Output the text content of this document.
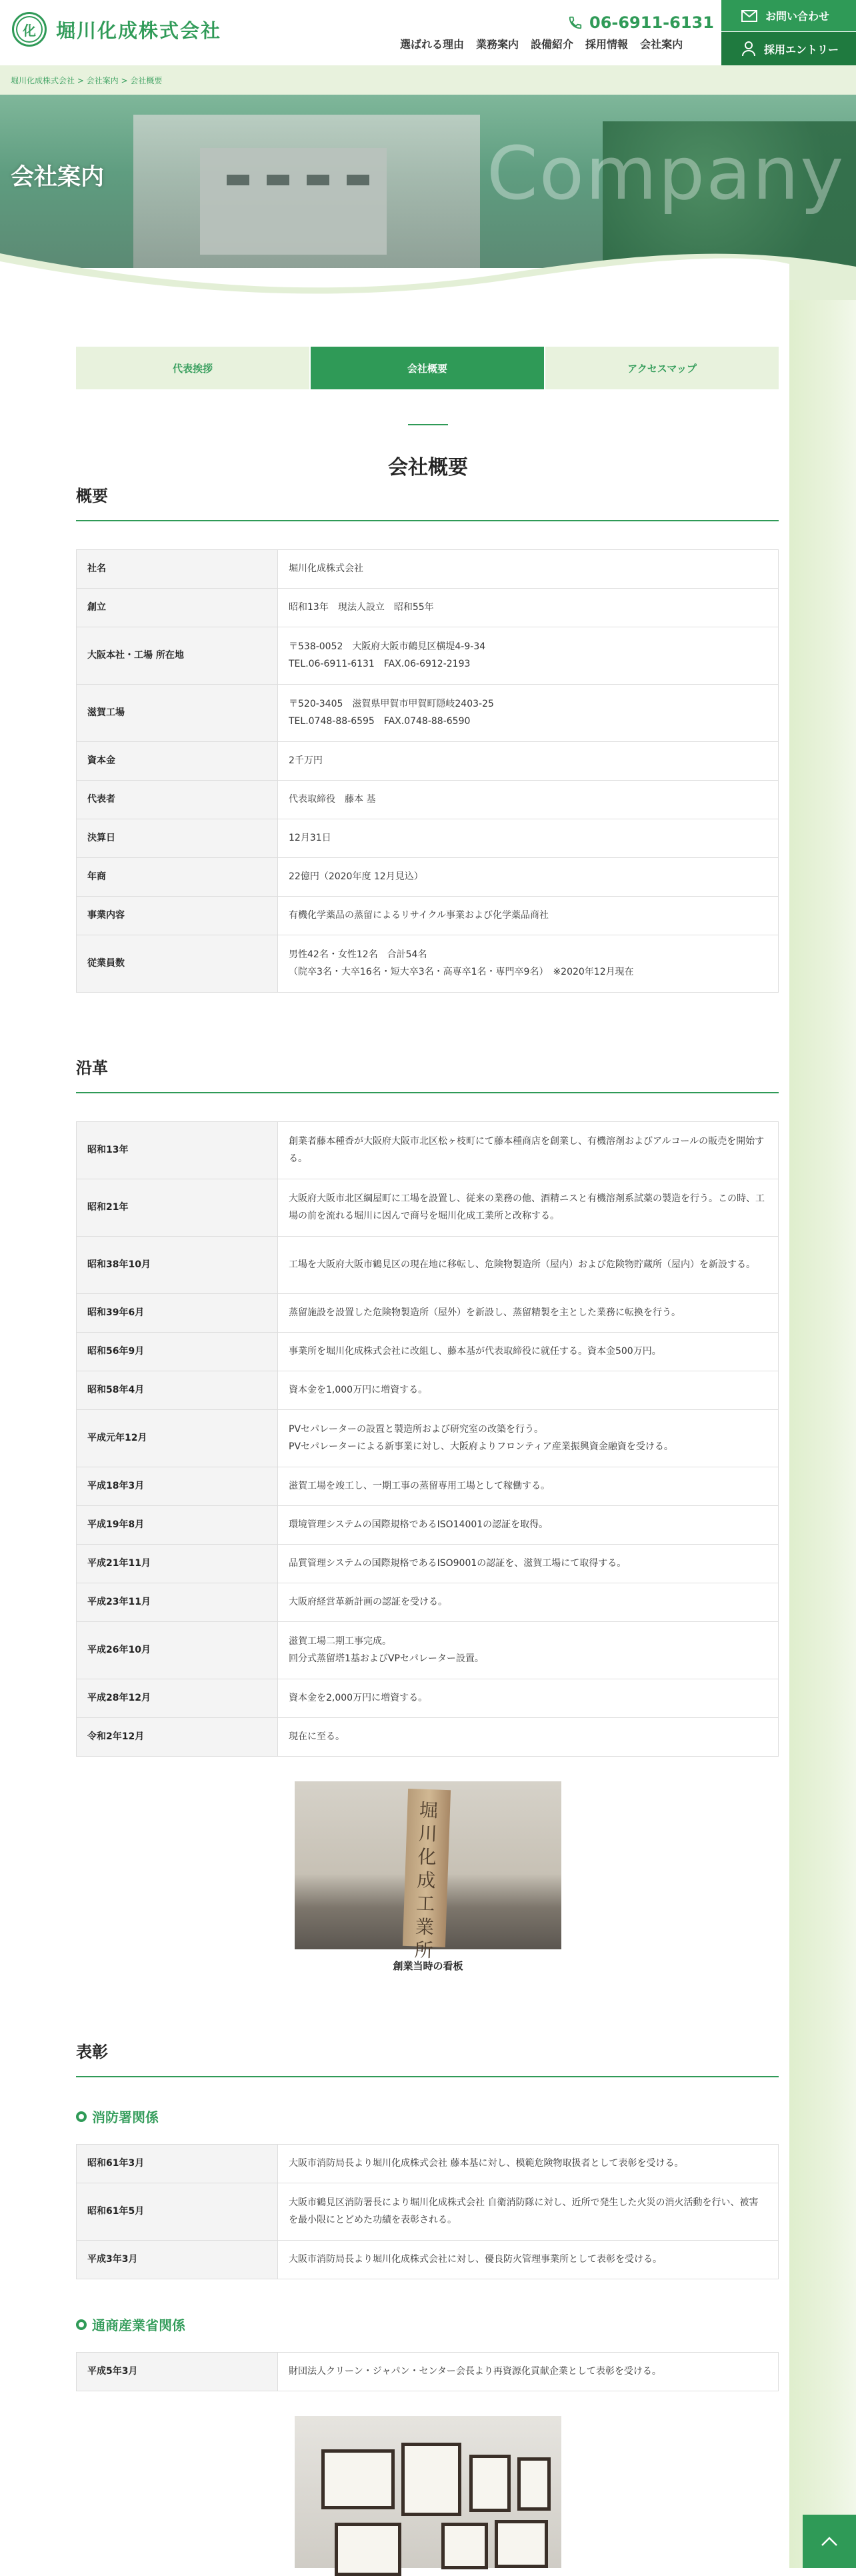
化	堀川化成株式会社	06-6911-6131
選ばれる理由 業務案内 設備紹介 採用情報 会社案内
お問い合わせ
採用エントリー
堀川化成株式会社 > 会社案内 > 会社概要
Company
会社案内
代表挨拶	会社概要	アクセスマップ
会社概要
概要
社名	堀川化成株式会社
創立	昭和13年　現法人設立　昭和55年
大阪本社・工場 所在地	〒538-0052　大阪府大阪市鶴見区横堤4-9-34
TEL.06-6911-6131　FAX.06-6912-2193
滋賀工場	〒520-3405　滋賀県甲賀市甲賀町隠岐2403-25
TEL.0748-88-6595　FAX.0748-88-6590
資本金	2千万円
代表者	代表取締役　藤本 基
決算日	12月31日
年商	22億円（2020年度 12月見込）
事業内容	有機化学薬品の蒸留によるリサイクル事業および化学薬品商社
従業員数	男性42名・女性12名　合計54名
（院卒3名・大卒16名・短大卒3名・高専卒1名・専門卒9名）　※2020年12月現在
沿革
昭和13年	創業者藤本種香が大阪府大阪市北区松ヶ枝町にて藤本種商店を創業し、有機溶剤およびアルコールの販売を開始する。
昭和21年	大阪府大阪市北区綱屋町に工場を設置し、従来の業務の他、酒精ニスと有機溶剤系試薬の製造を行う。この時、工場の前を流れる堀川に因んで商号を堀川化成工業所と改称する。
昭和38年10月	工場を大阪府大阪市鶴見区の現在地に移転し、危険物製造所（屋内）および危険物貯蔵所（屋内）を新設する。
昭和39年6月	蒸留施設を設置した危険物製造所（屋外）を新設し、蒸留精製を主とした業務に転換を行う。
昭和56年9月	事業所を堀川化成株式会社に改組し、藤本基が代表取締役に就任する。資本金500万円。
昭和58年4月	資本金を1,000万円に増資する。
平成元年12月	PVセパレーターの設置と製造所および研究室の改築を行う。
PVセパレーターによる新事業に対し、大阪府よりフロンティア産業振興資金融資を受ける。
平成18年3月	滋賀工場を竣工し、一期工事の蒸留専用工場として稼働する。
平成19年8月	環境管理システムの国際規格であるISO14001の認証を取得。
平成21年11月	品質管理システムの国際規格であるISO9001の認証を、滋賀工場にて取得する。
平成23年11月	大阪府経営革新計画の認証を受ける。
平成26年10月	滋賀工場二期工事完成。
回分式蒸留塔1基およびVPセパレーター設置。
平成28年12月	資本金を2,000万円に増資する。
令和2年12月	現在に至る。
堀
川
化
成
工
業
所
創業当時の看板
表彰
消防署関係
昭和61年3月	大阪市消防局長より堀川化成株式会社 藤本基に対し、模範危険物取扱者として表彰を受ける。
昭和61年5月	大阪市鶴見区消防署長により堀川化成株式会社 自衛消防隊に対し、近所で発生した火災の消火活動を行い、被害を最小限にとどめた功績を表彰される。
平成3年3月	大阪市消防局長より堀川化成株式会社に対し、優良防火管理事業所として表彰を受ける。
通商産業省関係
平成5年3月	財団法人クリーン・ジャパン・センター会長より再資源化貢献企業として表彰を受ける。
